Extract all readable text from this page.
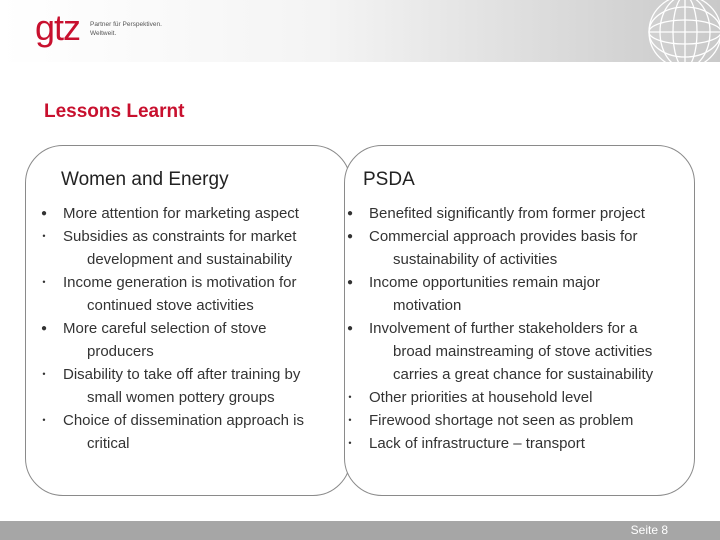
gtz Partner für Perspektiven.
Weltweit.
Lessons Learnt
Women and Energy	PSDA
● More attention for marketing aspect
•	Subsidies as constraints for market
development and sustainability
•	Income generation is motivation for
continued stove activities
● More careful selection of stove
producers
•	Disability to take off after training by
small women pottery groups
•	Choice of dissemination approach is
critical
● Benefited significantly from former project
● Commercial approach provides basis for
sustainability of activities
● Income opportunities remain major
motivation
● Involvement of further stakeholders for a
broad mainstreaming of stove activities
carries a great chance for sustainability
•	Other priorities at household level
•	Firewood shortage not seen as problem
•	Lack of infrastructure – transport
Seite 8
